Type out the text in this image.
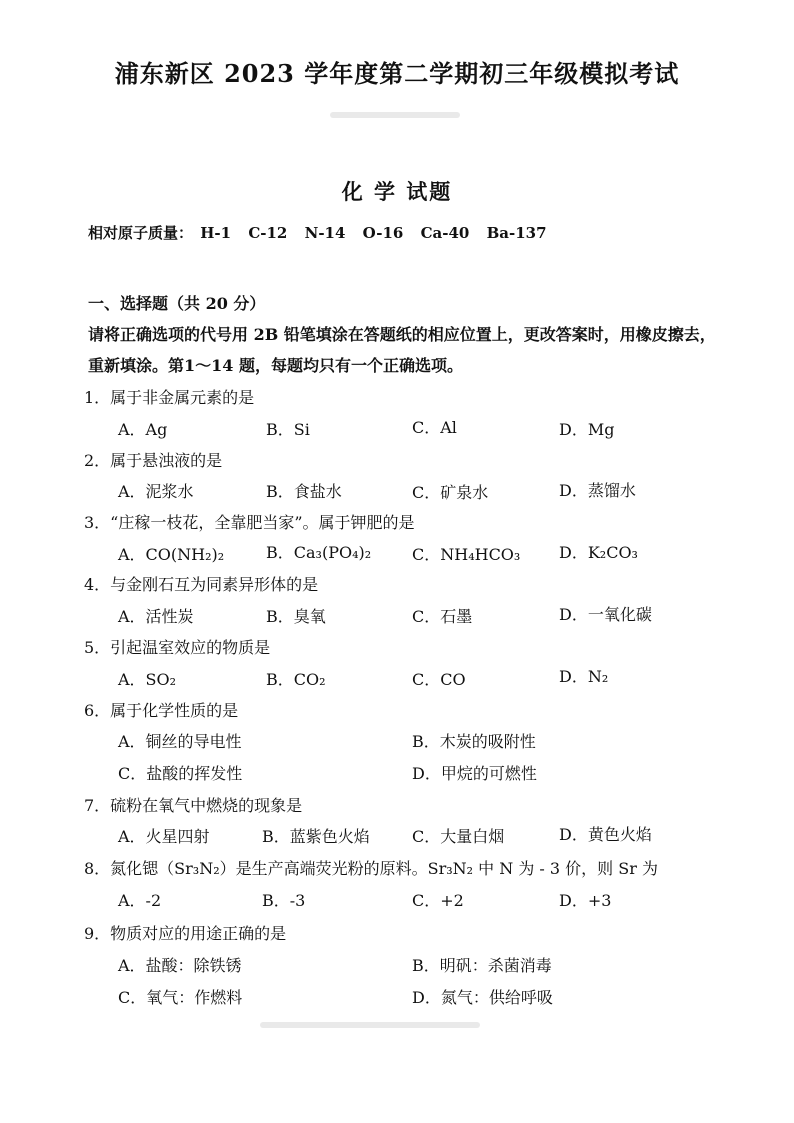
浦东新区 2023 学年度第二学期初三年级模拟考试
化 学 试题
相对原子质量： H-1 C-12 N-14 O-16 Ca-40 Ba-137
一、选择题（共 20 分）
请将正确选项的代号用 2B 铅笔填涂在答题纸的相应位置上，更改答案时，用橡皮擦去，
重新填涂。第1～14 题，每题均只有一个正确选项。
1．属于非金属元素的是
A．Ag	B．Si	C．Al	D．Mg
2．属于悬浊液的是
A．泥浆水	B．食盐水	C．矿泉水	D．蒸馏水
3．“庄稼一枝花，全靠肥当家”。属于钾肥的是
A．CO(NH₂)₂	B．Ca₃(PO₄)₂	C．NH₄HCO₃ D．K₂CO₃
4．与金刚石互为同素异形体的是
A．活性炭	B．臭氧	C．石墨	D．一氧化碳
5．引起温室效应的物质是
A．SO₂	B．CO₂	C．CO	D．N₂
6．属于化学性质的是
A．铜丝的导电性	B．木炭的吸附性
C．盐酸的挥发性	D．甲烷的可燃性
7．硫粉在氧气中燃烧的现象是
A．火星四射	B．蓝紫色火焰	C．大量白烟	D．黄色火焰
8．氮化锶（Sr₃N₂）是生产高端荧光粉的原料。Sr₃N₂ 中 N 为 - 3 价，则 Sr 为
A．-2	B．-3	C．+2	D．+3
9．物质对应的用途正确的是
A．盐酸：除铁锈	B．明矾：杀菌消毒
C．氧气：作燃料	D．氮气：供给呼吸
